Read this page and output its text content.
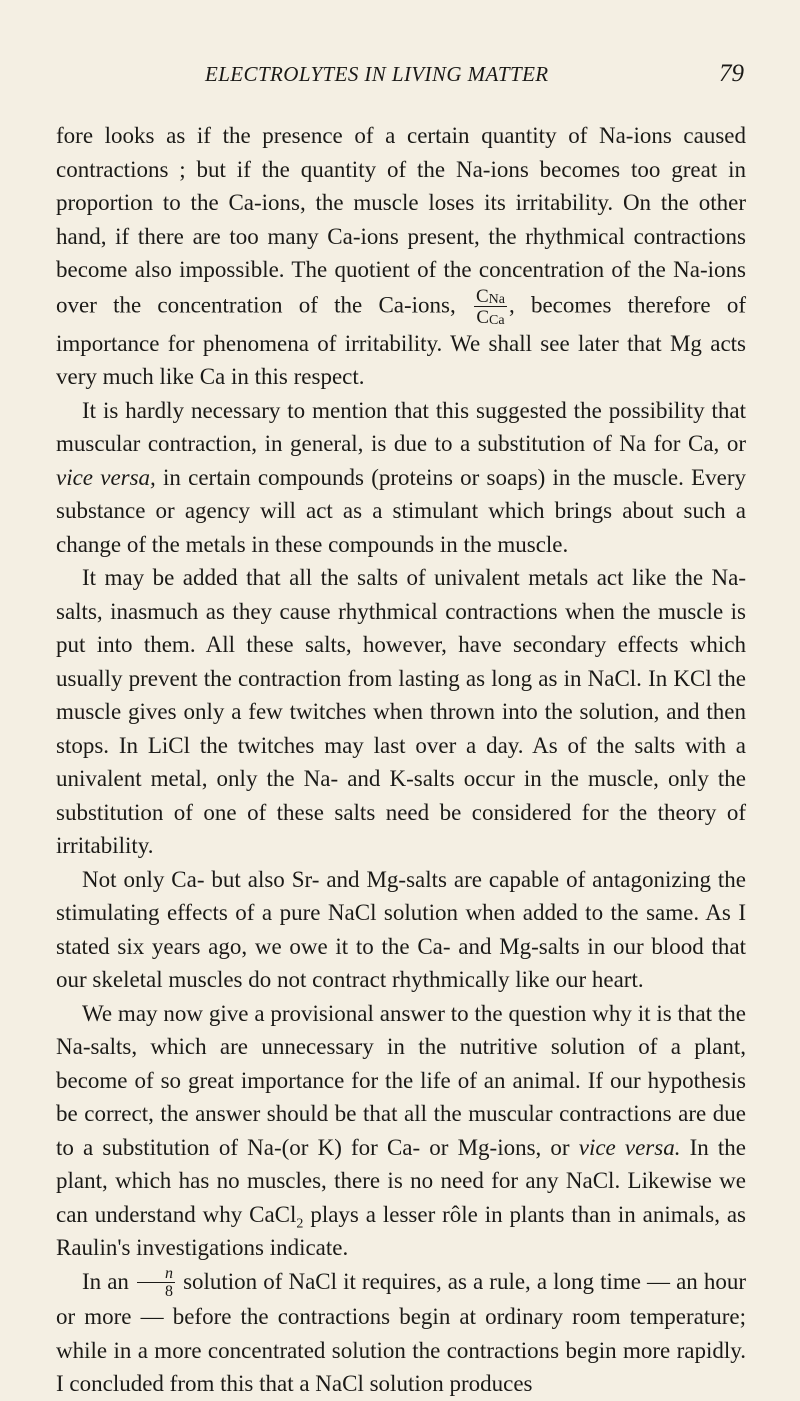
ELECTROLYTES IN LIVING MATTER	79

fore looks as if the presence of a certain quantity of Na-ions caused contractions ; but if the quantity of the Na-ions becomes too great in proportion to the Ca-ions, the muscle loses its irritability. On the other hand, if there are too many Ca-ions present, the rhythmical contractions become also impossible. The quotient of the concentration of the Na-ions over the concentration of the Ca-ions, $\frac{C_{Na}}{C_{Ca}}$ , becomes therefore of importance for phenomena of irritability. We shall see later that Mg acts very much like Ca in this respect.

It is hardly necessary to mention that this suggested the possibility that muscular contraction, in general, is due to a substitution of Na for Ca, or vice versa, in certain compounds (proteins or soaps) in the muscle. Every substance or agency will act as a stimulant which brings about such a change of the metals in these compounds in the muscle.

It may be added that all the salts of univalent metals act like the Na-salts, inasmuch as they cause rhythmical contractions when the muscle is put into them. All these salts, however, have secondary effects which usually prevent the contraction from lasting as long as in NaCl. In KCl the muscle gives only a few twitches when thrown into the solution, and then stops. In LiCl the twitches may last over a day. As of the salts with a univalent metal, only the Na- and K-salts occur in the muscle, only the substitution of one of these salts need be considered for the theory of irritability.

Not only Ca- but also Sr- and Mg-salts are capable of antagonizing the stimulating effects of a pure NaCl solution when added to the same. As I stated six years ago, we owe it to the Ca- and Mg-salts in our blood that our skeletal muscles do not contract rhythmically like our heart.

We may now give a provisional answer to the question why it is that the Na-salts, which are unnecessary in the nutritive solution of a plant, become of so great importance for the life of an animal. If our hypothesis be correct, the answer should be that all the muscular contractions are due to a substitution of Na-(or K) for Ca- or Mg-ions, or vice versa. In the plant, which has no muscles, there is no need for any NaCl. Likewise we can understand why CaCl$_2$ plays a lesser rôle in plants than in animals, as Raulin's investigations indicate.

In an $\frac{n}{8}$ solution of NaCl it requires, as a rule, a long time — an hour or more — before the contractions begin at ordinary room temperature; while in a more concentrated solution the contractions begin more rapidly. I concluded from this that a NaCl solution produces
